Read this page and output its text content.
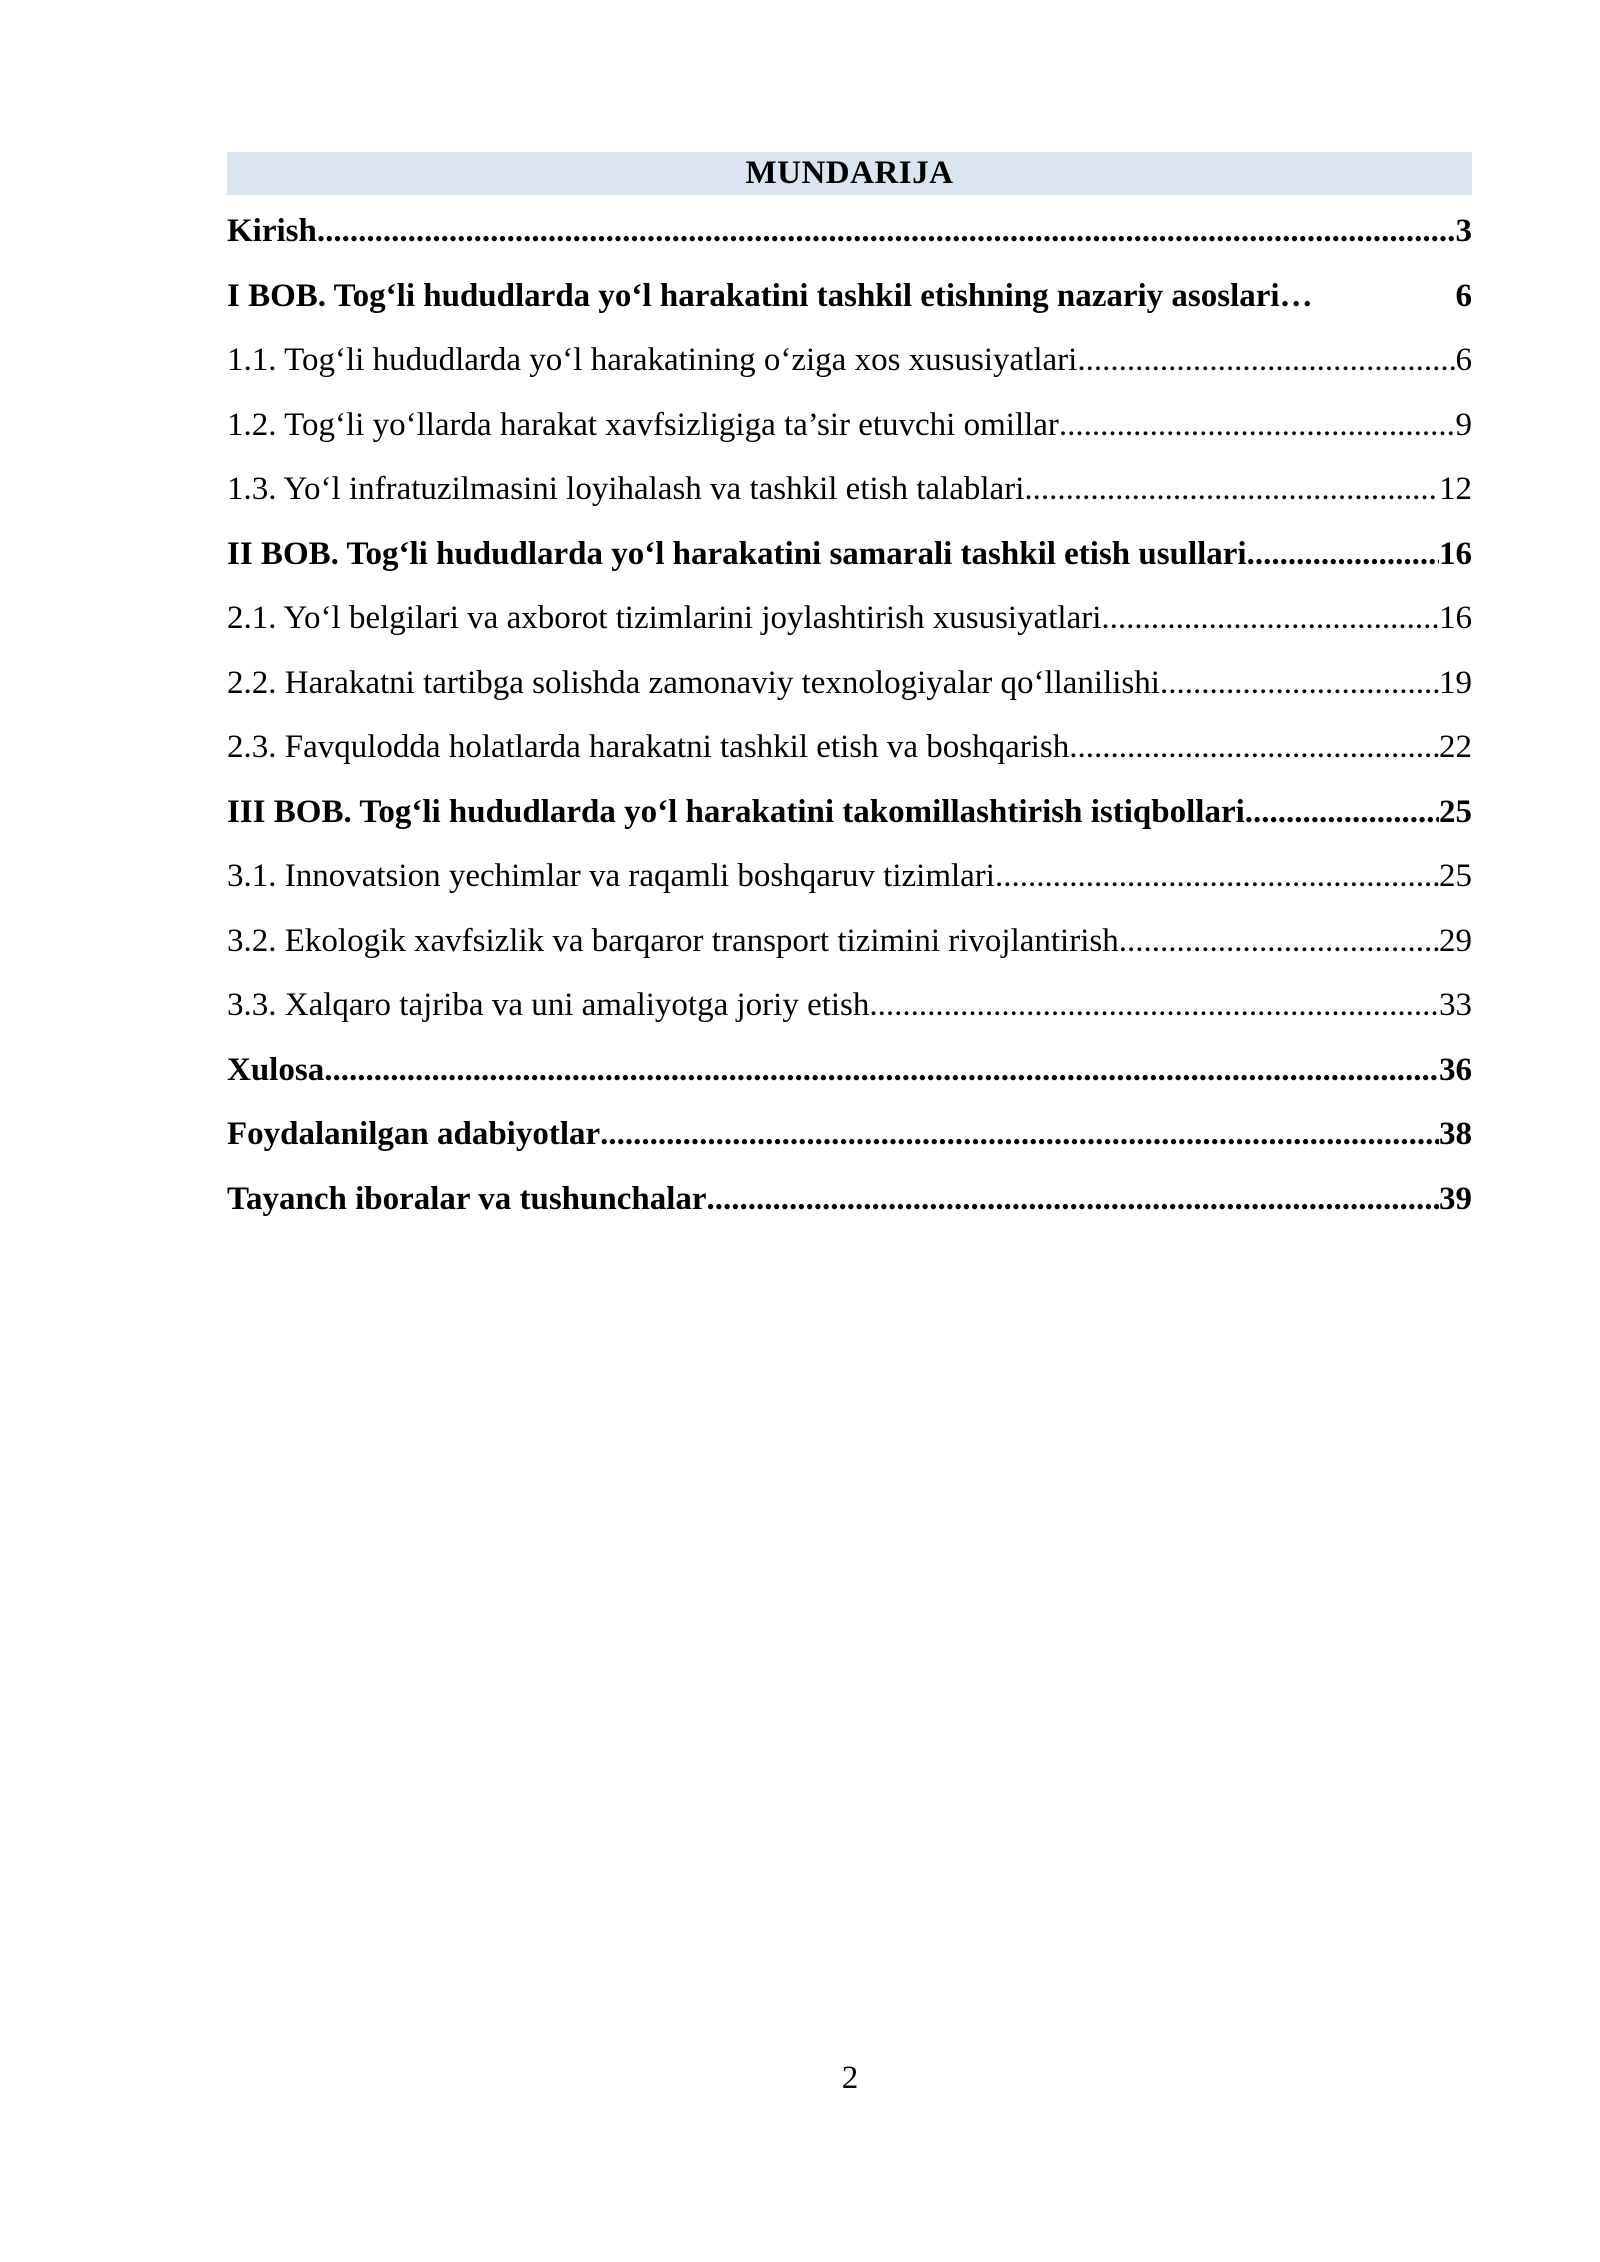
MUNDARIJA
Kirish .....	3
I BOB. Tog‘li hududlarda yo‘l harakatini tashkil etishning nazariy asoslari…	6
1.1. Tog‘li hududlarda yo‘l harakatining o‘ziga xos xususiyatlari .....	6
1.2. Tog‘li yo‘llarda harakat xavfsizligiga ta’sir etuvchi omillar .....	9
1.3. Yo‘l infratuzilmasini loyihalash va tashkil etish talablari .....	12
II BOB. Tog‘li hududlarda yo‘l harakatini samarali tashkil etish usullari .....	16
2.1. Yo‘l belgilari va axborot tizimlarini joylashtirish xususiyatlari .....	16
2.2. Harakatni tartibga solishda zamonaviy texnologiyalar qo‘llanilishi .....	19
2.3. Favqulodda holatlarda harakatni tashkil etish va boshqarish .....	22
III BOB. Tog‘li hududlarda yo‘l harakatini takomillashtirish istiqbollari .....	25
3.1. Innovatsion yechimlar va raqamli boshqaruv tizimlari .....	25
3.2. Ekologik xavfsizlik va barqaror transport tizimini rivojlantirish .....	29
3.3. Xalqaro tajriba va uni amaliyotga joriy etish .....	33
Xulosa .....	36
Foydalanilgan adabiyotlar .....	38
Tayanch iboralar va tushunchalar .....	39
2
